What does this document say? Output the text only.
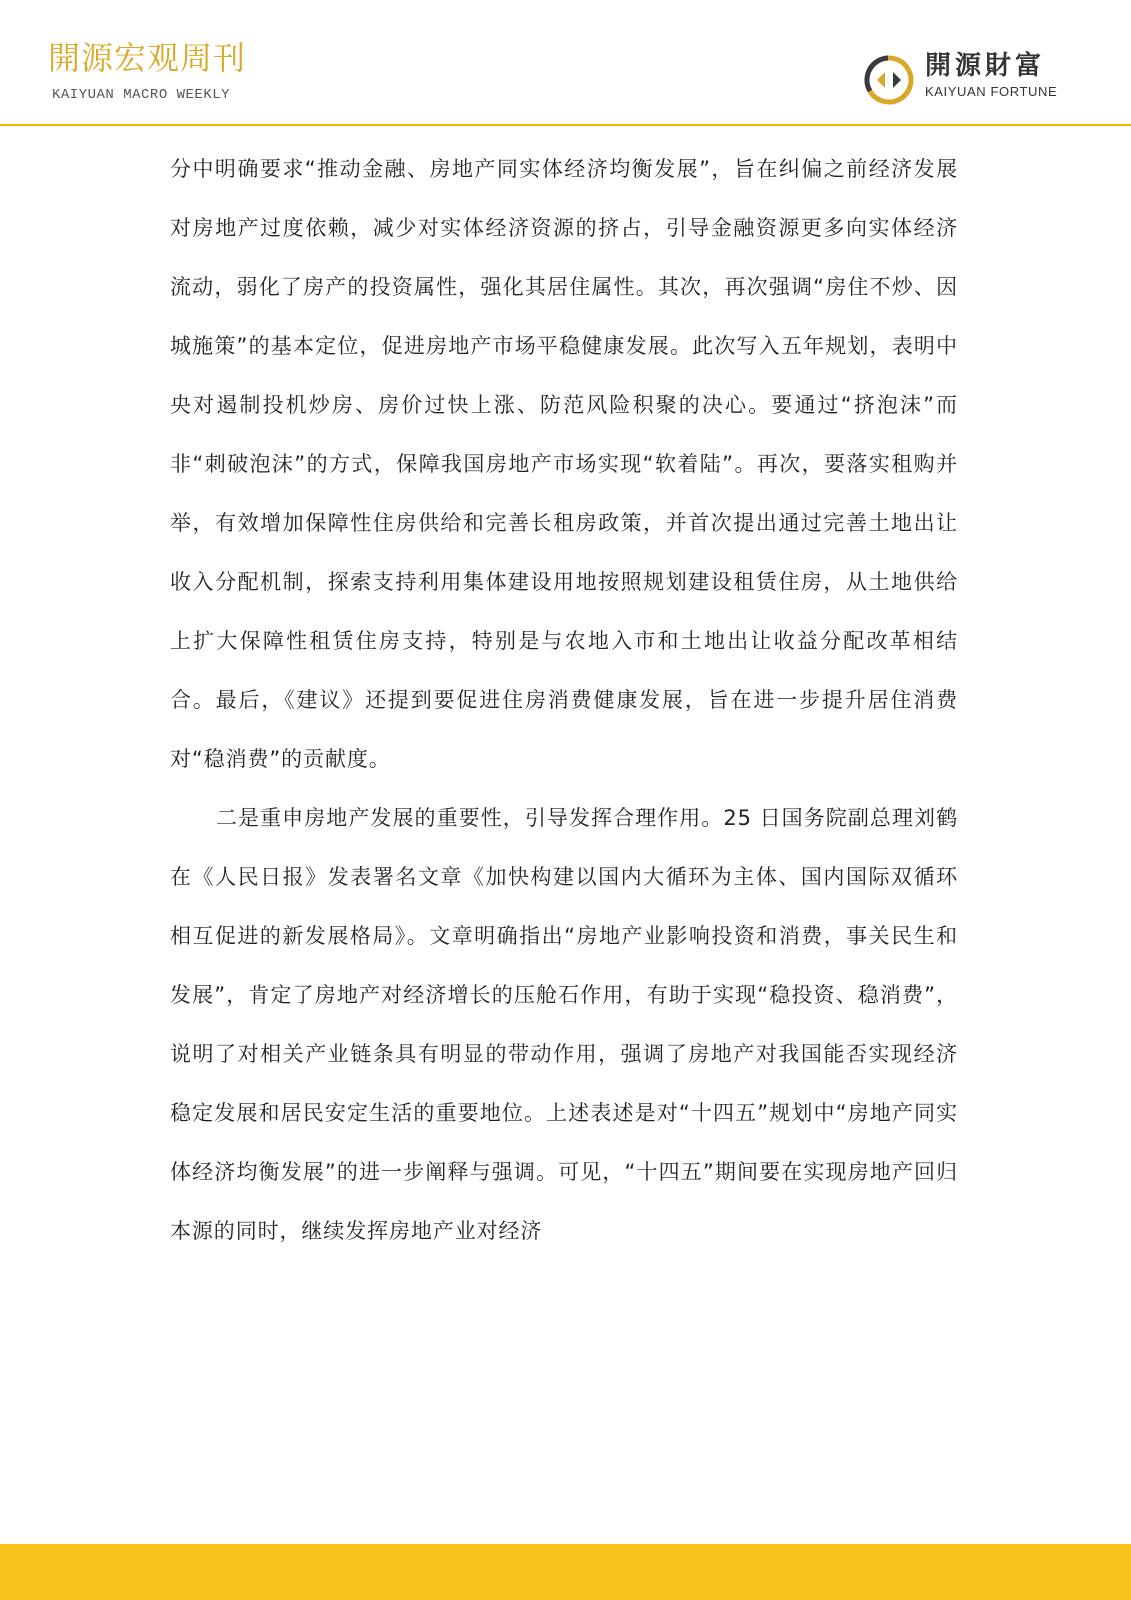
開源宏观周刊
KAIYUAN MACRO WEEKLY
開源財富
KAIYUAN FORTUNE

分中明确要求“推动金融、房地产同实体经济均衡发展”，旨在纠偏之前经济发展对房地产过度依赖，减少对实体经济资源的挤占，引导金融资源更多向实体经济流动，弱化了房产的投资属性，强化其居住属性。其次，再次强调“房住不炒、因城施策”的基本定位，促进房地产市场平稳健康发展。此次写入五年规划，表明中央对遏制投机炒房、房价过快上涨、防范风险积聚的决心。要通过“挤泡沫”而非“刺破泡沫”的方式，保障我国房地产市场实现“软着陆”。再次，要落实租购并举，有效增加保障性住房供给和完善长租房政策，并首次提出通过完善土地出让收入分配机制，探索支持利用集体建设用地按照规划建设租赁住房，从土地供给上扩大保障性租赁住房支持，特别是与农地入市和土地出让收益分配改革相结合。最后，《建议》还提到要促进住房消费健康发展，旨在进一步提升居住消费对“稳消费”的贡献度。

二是重申房地产发展的重要性，引导发挥合理作用。25 日国务院副总理刘鹤在《人民日报》发表署名文章《加快构建以国内大循环为主体、国内国际双循环相互促进的新发展格局》。文章明确指出“房地产业影响投资和消费，事关民生和发展”，肯定了房地产对经济增长的压舱石作用，有助于实现“稳投资、稳消费”，说明了对相关产业链条具有明显的带动作用，强调了房地产对我国能否实现经济稳定发展和居民安定生活的重要地位。上述表述是对“十四五”规划中“房地产同实体经济均衡发展”的进一步阐释与强调。可见，“十四五”期间要在实现房地产回归本源的同时，继续发挥房地产业对经济
